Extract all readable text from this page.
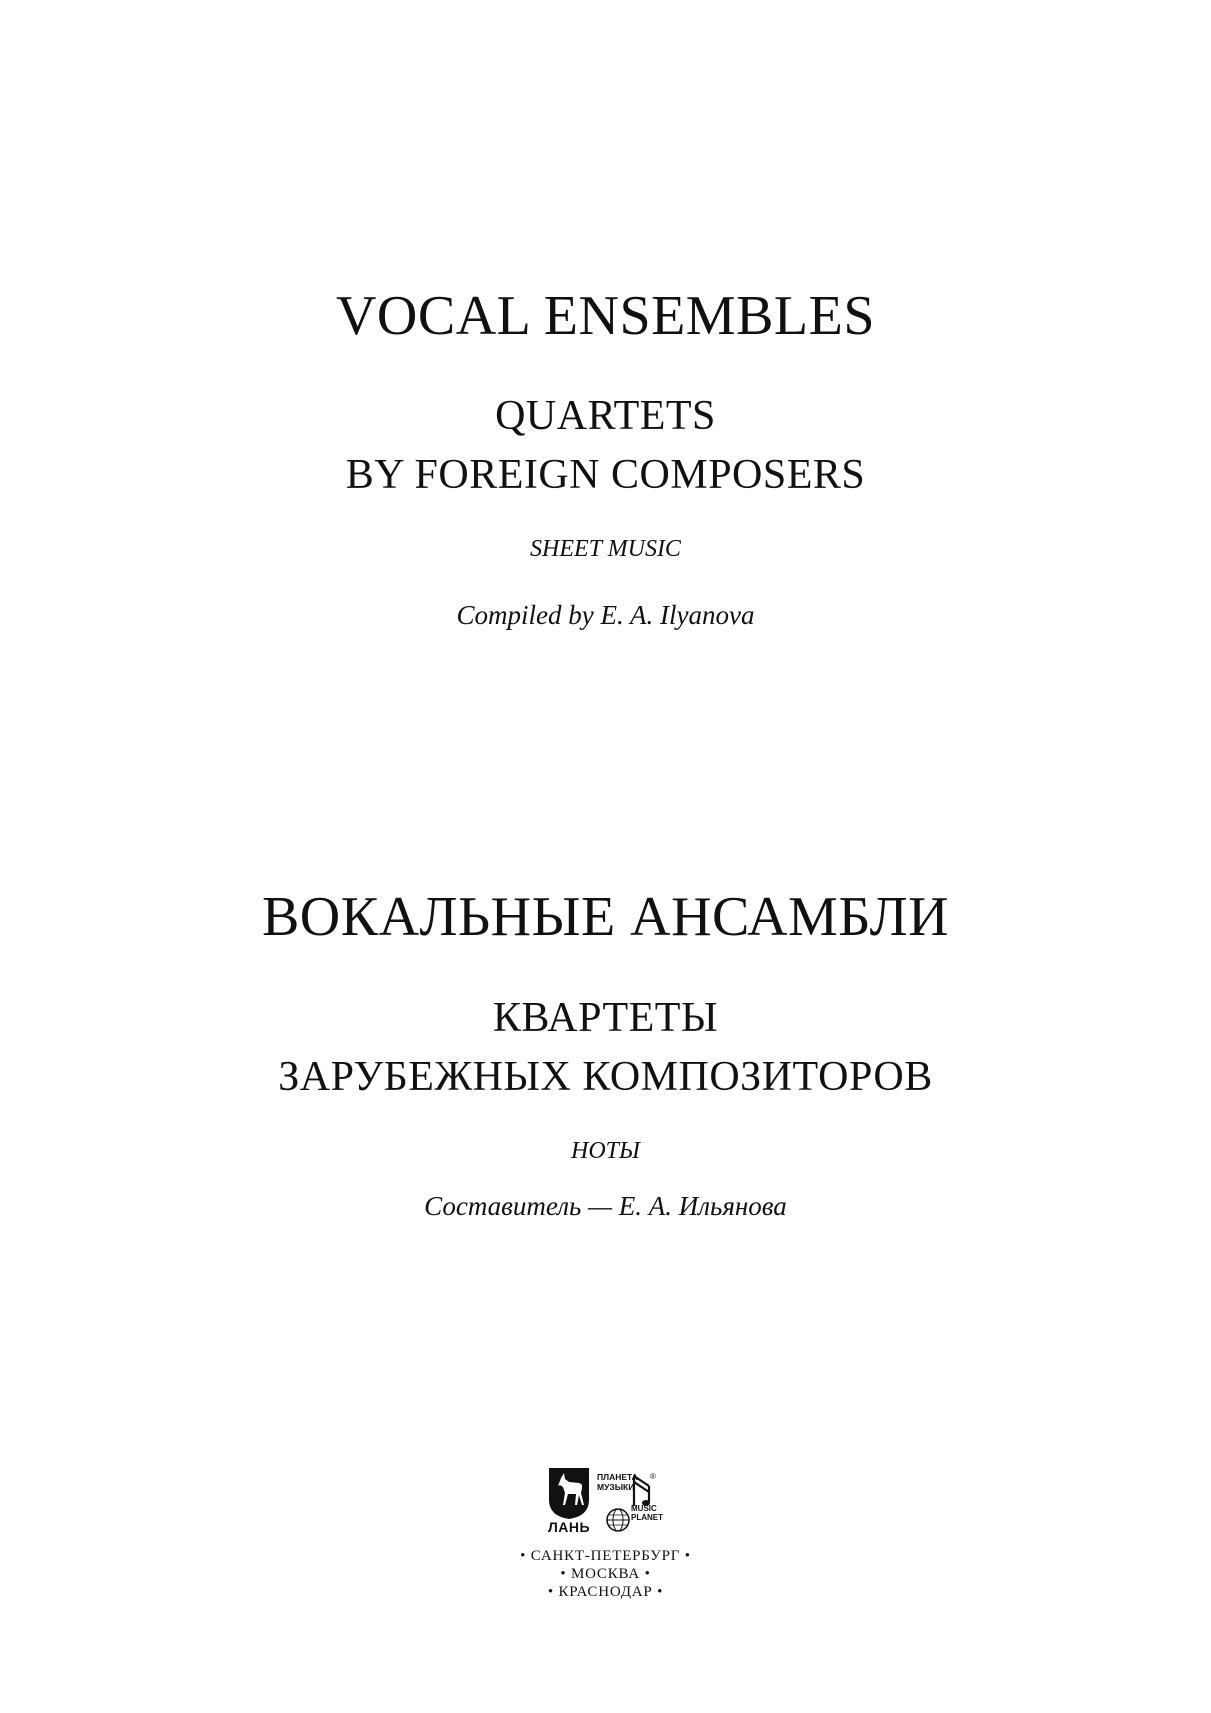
VOCAL ENSEMBLES
QUARTETS
BY FOREIGN COMPOSERS
SHEET MUSIC
Compiled by E. A. Ilyanova
ВОКАЛЬНЫЕ АНСАМБЛИ
КВАРТЕТЫ
ЗАРУБЕЖНЫХ КОМПОЗИТОРОВ
НОТЫ
Составитель — Е. А. Ильянова
ЛАНЬ
ПЛАНЕТА
МУЗЫКИ
®
MUSIC
PLANET
• САНКТ-ПЕТЕРБУРГ •
• МОСКВА •
• КРАСНОДАР •
